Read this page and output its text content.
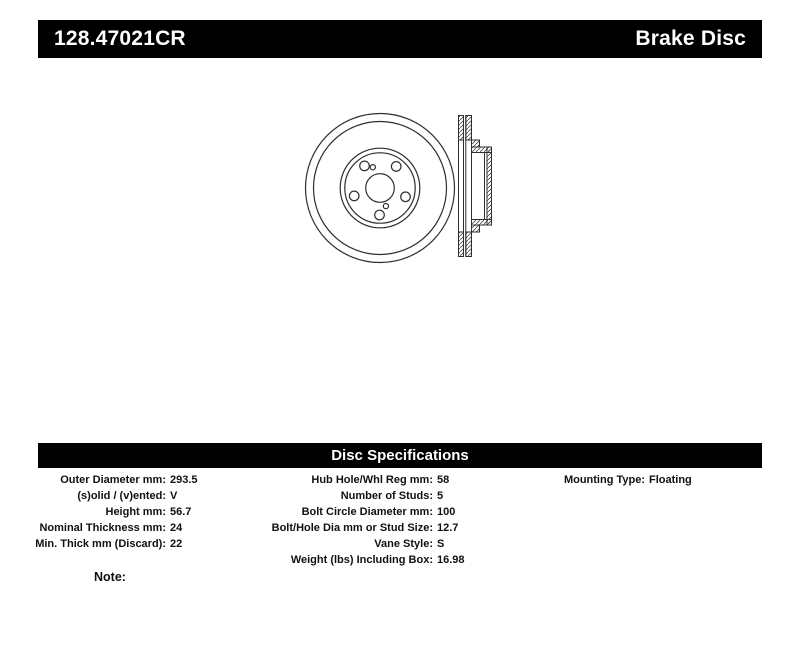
128.47021CR	Brake Disc
Disc Specifications
Outer Diameter mm: 293.5
(s)olid / (v)ented: V
Height mm: 56.7
Nominal Thickness mm: 24
Min. Thick mm (Discard): 22
Hub Hole/Whl Reg mm: 58
Number of Studs: 5
Bolt Circle Diameter mm: 100
Bolt/Hole Dia mm or Stud Size: 12.7
Vane Style: S
Weight (lbs) Including Box: 16.98
Mounting Type: Floating
Note:
